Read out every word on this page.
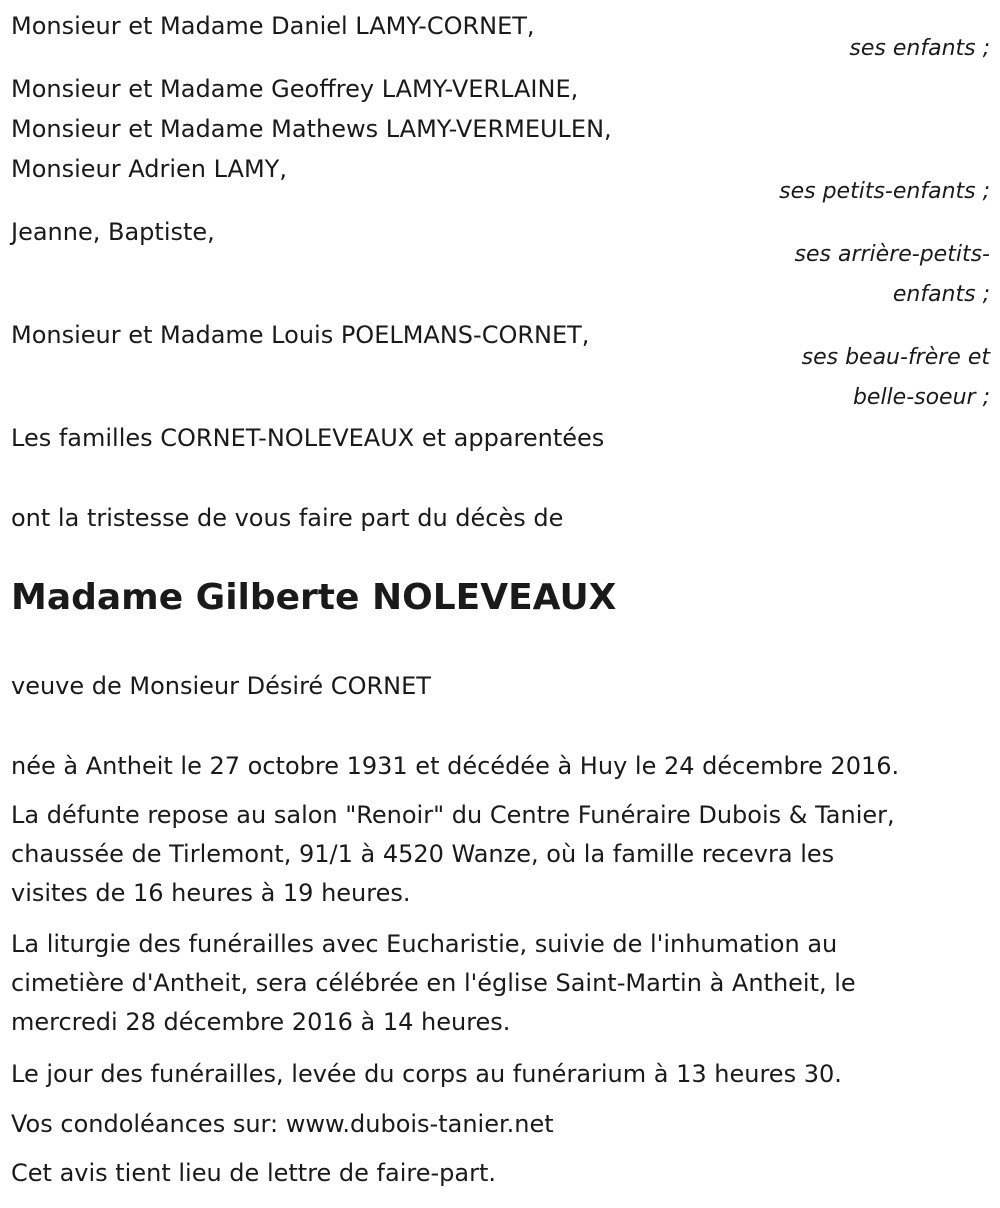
Monsieur et Madame Daniel LAMY-CORNET,
ses enfants ;
Monsieur et Madame Geoffrey LAMY-VERLAINE,
Monsieur et Madame Mathews LAMY-VERMEULEN,
Monsieur Adrien LAMY,
ses petits-enfants ;
Jeanne, Baptiste,
ses arrière-petits-
enfants ;
Monsieur et Madame Louis POELMANS-CORNET,
ses beau-frère et
belle-soeur ;
Les familles CORNET-NOLEVEAUX et apparentées
ont la tristesse de vous faire part du décès de
Madame Gilberte NOLEVEAUX
veuve de Monsieur Désiré CORNET
née à Antheit le 27 octobre 1931 et décédée à Huy le 24 décembre 2016.
La défunte repose au salon "Renoir" du Centre Funéraire Dubois & Tanier,
chaussée de Tirlemont, 91/1 à 4520 Wanze, où la famille recevra les
visites de 16 heures à 19 heures.
La liturgie des funérailles avec Eucharistie, suivie de l'inhumation au
cimetière d'Antheit, sera célébrée en l'église Saint-Martin à Antheit, le
mercredi 28 décembre 2016 à 14 heures.
Le jour des funérailles, levée du corps au funérarium à 13 heures 30.
Vos condoléances sur: www.dubois-tanier.net
Cet avis tient lieu de lettre de faire-part.
